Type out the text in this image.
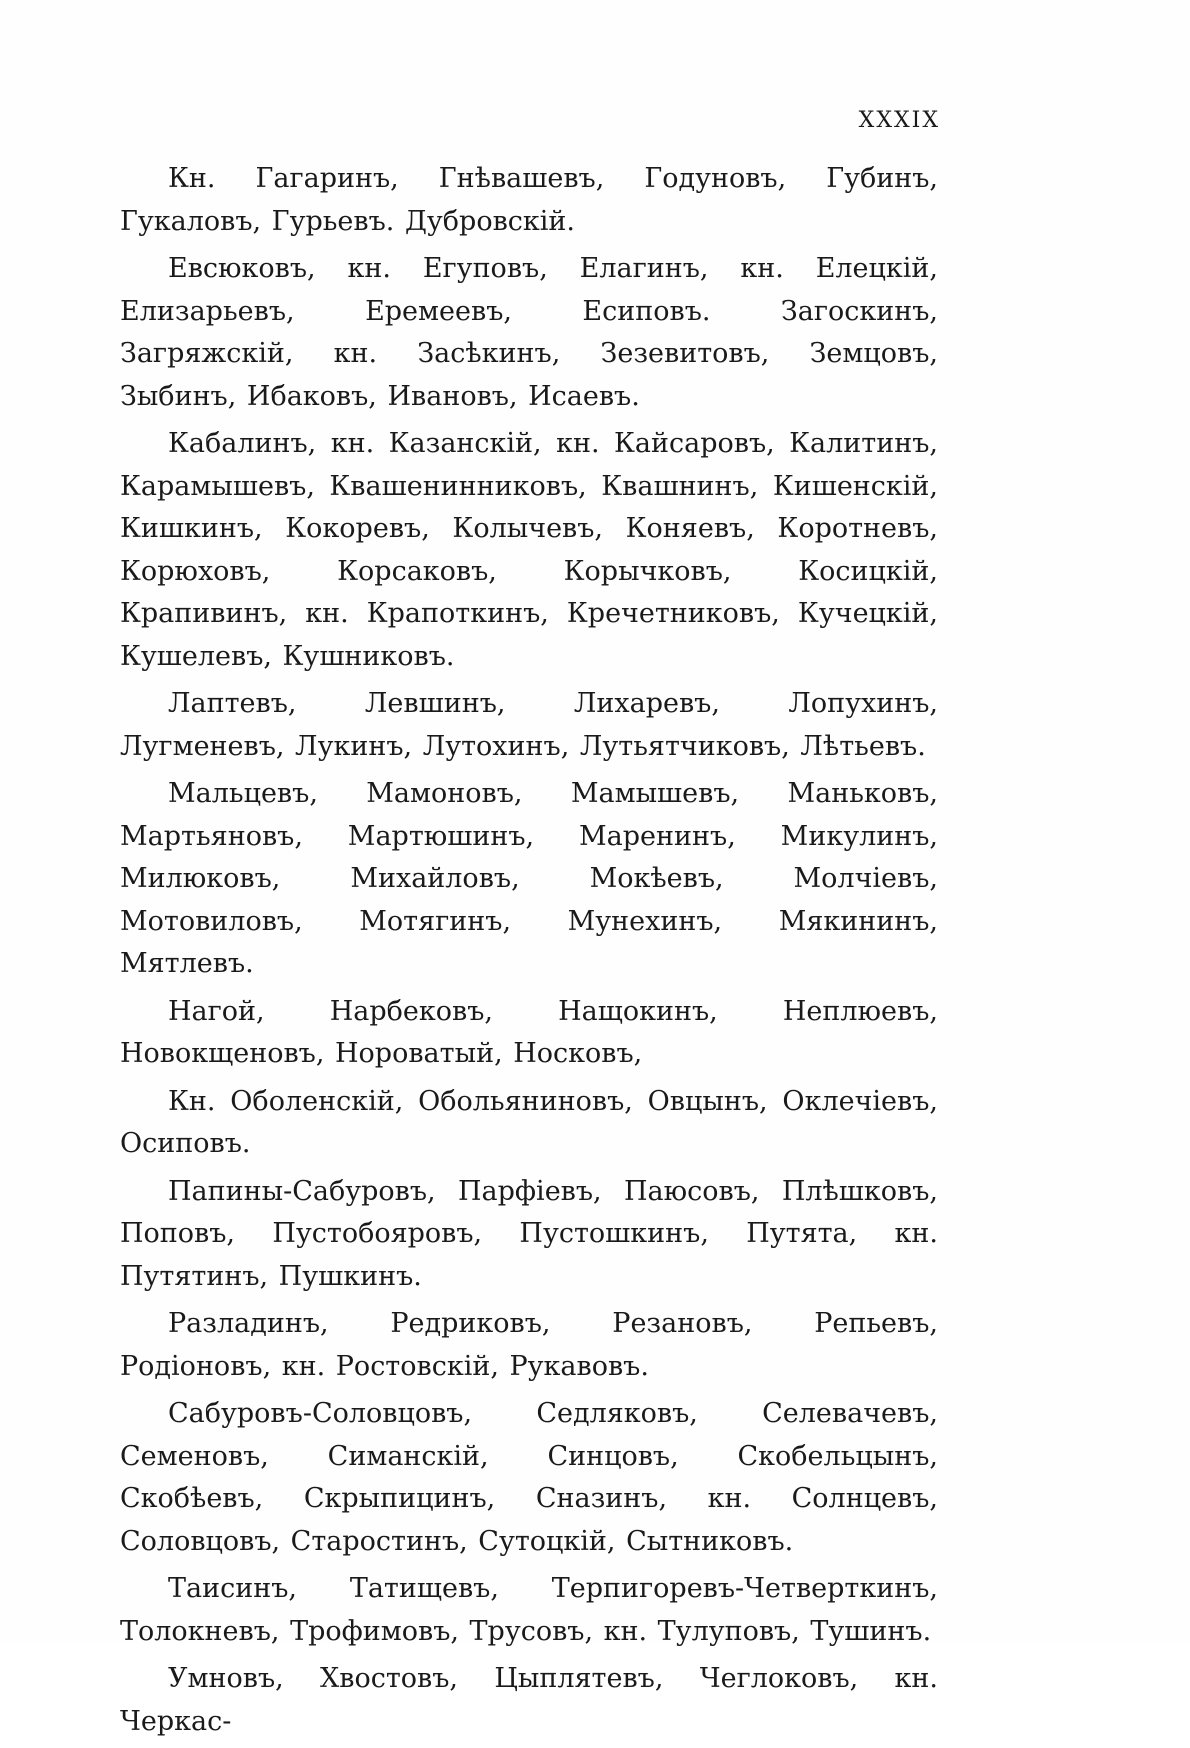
XXXIX

Кн. Гагаринъ, Гнѣвашевъ, Годуновъ, Губинъ, Гукаловъ, Гурьевъ. Дубровскій.

Евсюковъ, кн. Егуповъ, Елагинъ, кн. Елецкій, Елизарьевъ, Еремеевъ, Есиповъ. Загоскинъ, Загряжскій, кн. Засѣкинъ, Зезевитовъ, Земцовъ, Зыбинъ, Ибаковъ, Ивановъ, Исаевъ.

Кабалинъ, кн. Казанскій, кн. Кайсаровъ, Калитинъ, Карамышевъ, Квашенинниковъ, Квашнинъ, Кишенскій, Кишкинъ, Кокоревъ, Колычевъ, Коняевъ, Коротневъ, Корюховъ, Корсаковъ, Корычковъ, Косицкій, Крапивинъ, кн. Крапоткинъ, Кречетниковъ, Кучецкій, Кушелевъ, Кушниковъ.

Лаптевъ, Левшинъ, Лихаревъ, Лопухинъ, Лугменевъ, Лукинъ, Лутохинъ, Лутьятчиковъ, Лѣтьевъ.

Мальцевъ, Мамоновъ, Мамышевъ, Маньковъ, Мартьяновъ, Мартюшинъ, Маренинъ, Микулинъ, Милюковъ, Михайловъ, Мокѣевъ, Молчіевъ, Мотовиловъ, Мотягинъ, Мунехинъ, Мякининъ, Мятлевъ.

Нагой, Нарбековъ, Нащокинъ, Неплюевъ, Новокщеновъ, Нороватый, Носковъ,

Кн. Оболенскій, Обольяниновъ, Овцынъ, Оклечіевъ, Осиповъ.

Папины-Сабуровъ, Парфіевъ, Паюсовъ, Плѣшковъ, Поповъ, Пустобояровъ, Пустошкинъ, Путята, кн. Путятинъ, Пушкинъ.

Разладинъ, Редриковъ, Резановъ, Репьевъ, Родіоновъ, кн. Ростовскій, Рукавовъ.

Сабуровъ-Соловцовъ, Седляковъ, Селевачевъ, Семеновъ, Симанскій, Синцовъ, Скобельцынъ, Скобѣевъ, Скрыпицинъ, Сназинъ, кн. Солнцевъ, Соловцовъ, Старостинъ, Сутоцкій, Сытниковъ.

Таисинъ, Татищевъ, Терпигоревъ-Четверткинъ, Толокневъ, Трофимовъ, Трусовъ, кн. Тулуповъ, Тушинъ.

Умновъ, Хвостовъ, Цыплятевъ, Чеглоковъ, кн. Черкас-
